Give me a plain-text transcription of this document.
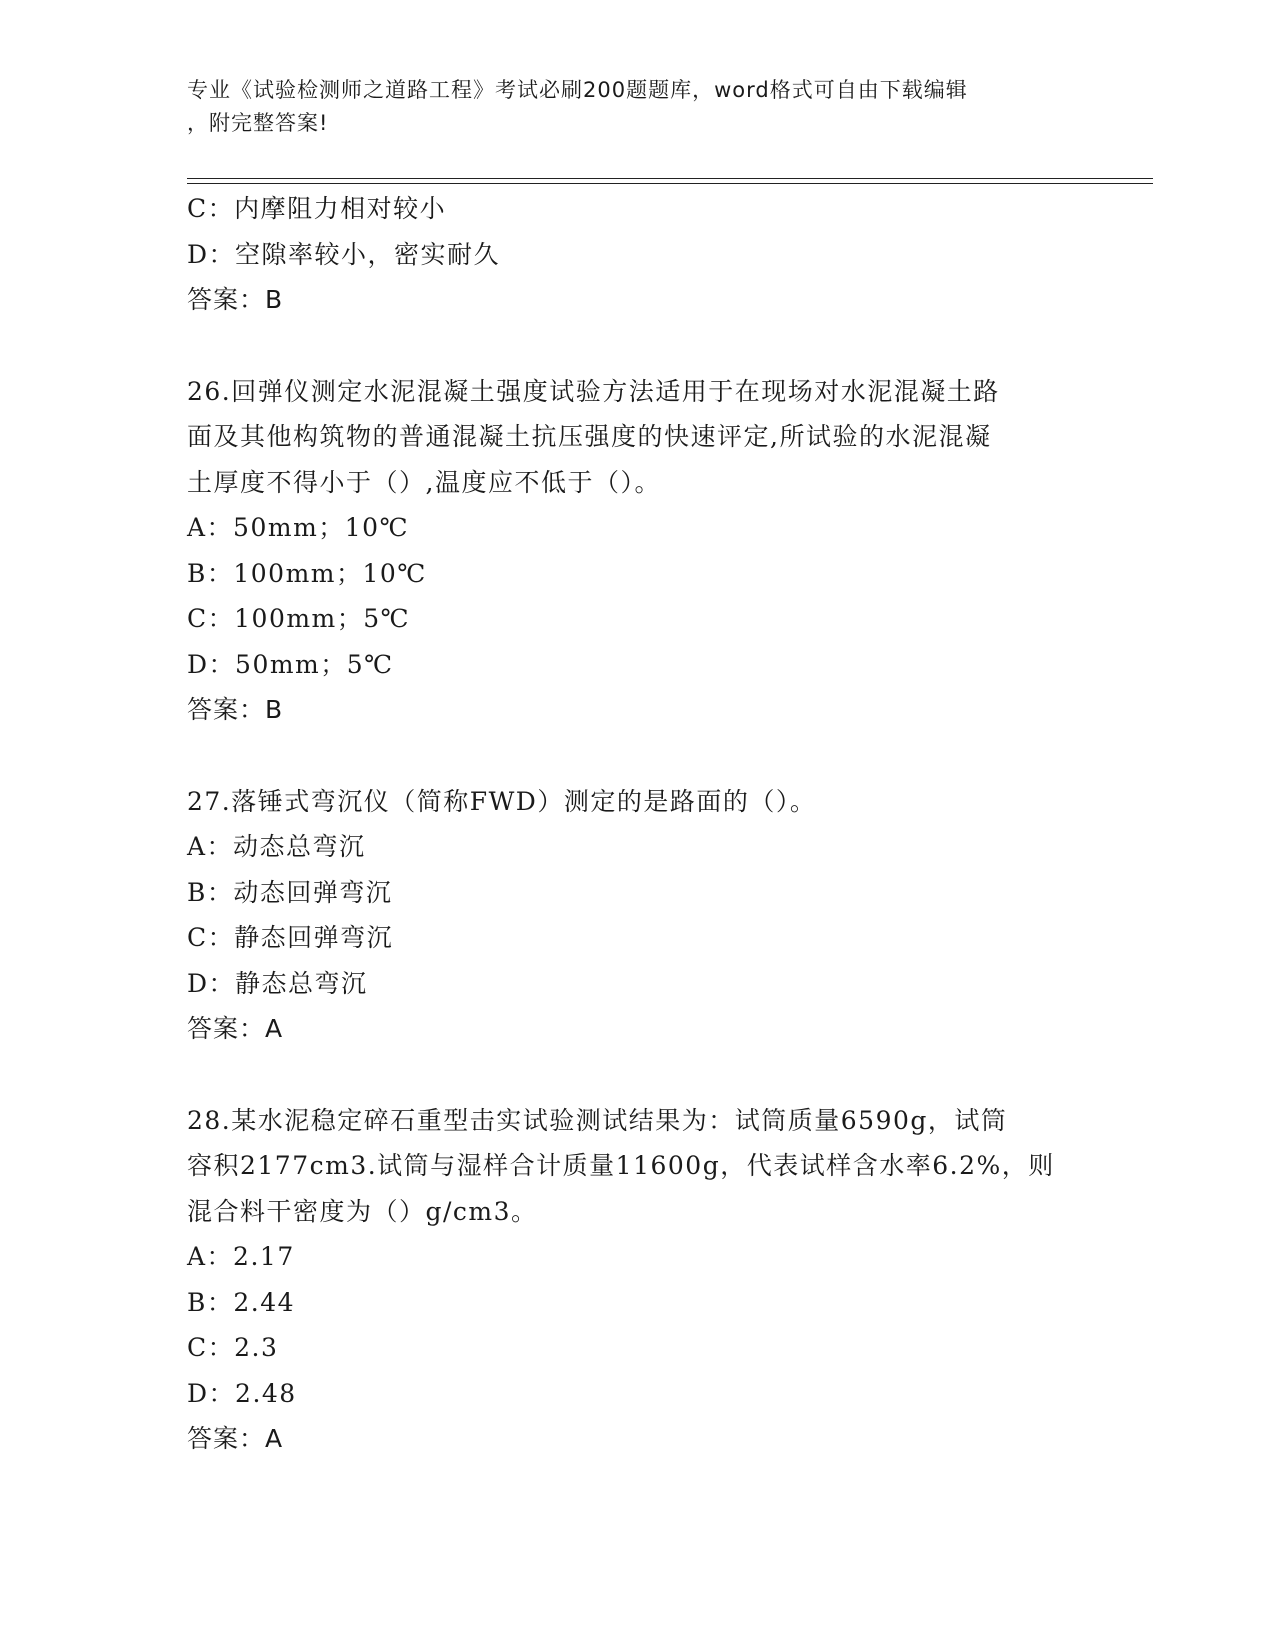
专业《试验检测师之道路工程》考试必刷200题题库，word格式可自由下载编辑
，附完整答案!
C：内摩阻力相对较小
D：空隙率较小，密实耐久
答案：B
26.回弹仪测定水泥混凝土强度试验方法适用于在现场对水泥混凝土路
面及其他构筑物的普通混凝土抗压强度的快速评定,所试验的水泥混凝
土厚度不得小于（）,温度应不低于（）。
A：50mm；10℃
B：100mm；10℃
C：100mm；5℃
D：50mm；5℃
答案：B
27.落锤式弯沉仪（简称FWD）测定的是路面的（）。
A：动态总弯沉
B：动态回弹弯沉
C：静态回弹弯沉
D：静态总弯沉
答案：A
28.某水泥稳定碎石重型击实试验测试结果为：试筒质量6590g，试筒
容积2177cm3.试筒与湿样合计质量11600g，代表试样含水率6.2%，则
混合料干密度为（）g/cm3。
A：2.17
B：2.44
C：2.3
D：2.48
答案：A
